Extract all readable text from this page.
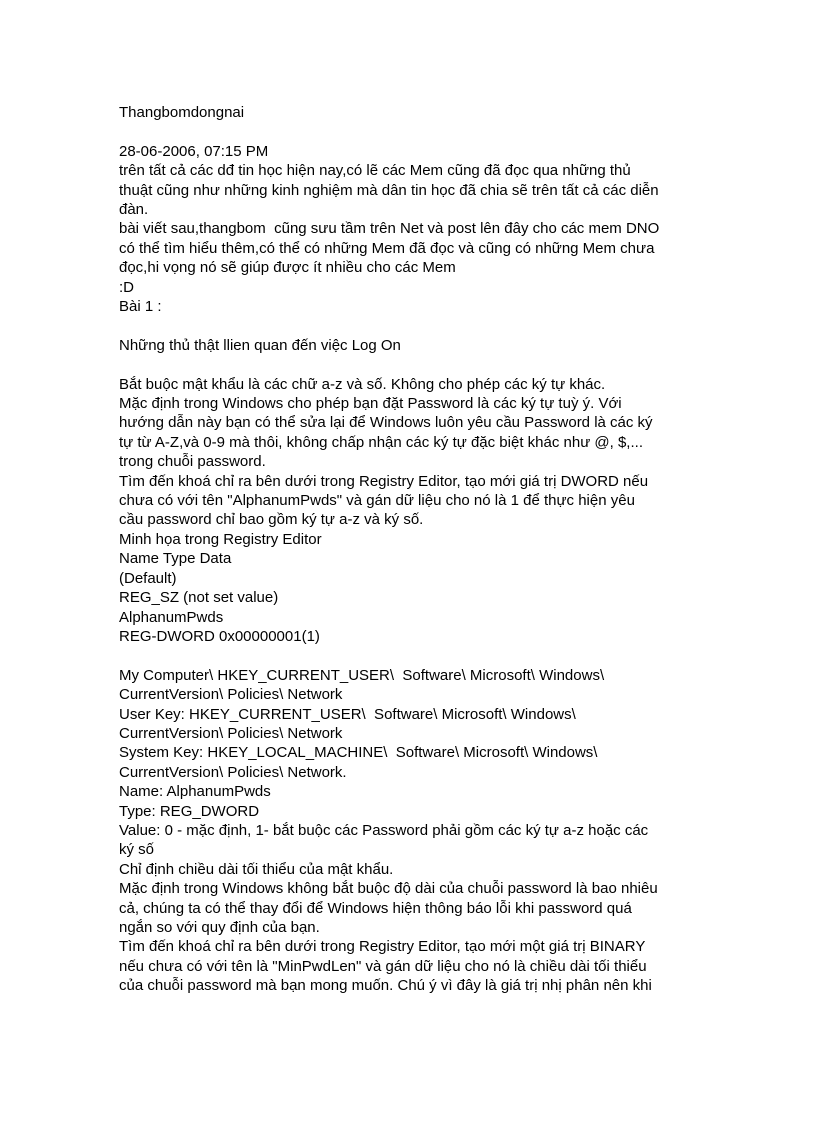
Thangbomdongnai
28-06-2006, 07:15 PM
trên tất cả các dđ tin học hiện nay,có lẽ các Mem cũng đã đọc qua những thủ
thuật cũng như những kinh nghiệm mà dân tin học đã chia sẽ trên tất cả các diễn
đàn.
bài viết sau,thangbom  cũng sưu tầm trên Net và post lên đây cho các mem DNO
có thể tìm hiểu thêm,có thể có những Mem đã đọc và cũng có những Mem chưa
đọc,hi vọng nó sẽ giúp được ít nhiều cho các Mem
:D
Bài 1 :
Những thủ thật llien quan đến việc Log On
Bắt buộc mật khẩu là các chữ a-z và số. Không cho phép các ký tự khác.
Mặc định trong Windows cho phép bạn đặt Password là các ký tự tuỳ ý. Với
hướng dẫn này bạn có thể sửa lại để Windows luôn yêu cầu Password là các ký
tự từ A-Z,và 0-9 mà thôi, không chấp nhận các ký tự đặc biệt khác như @, $,...
trong chuỗi password.
Tìm đến khoá chỉ ra bên dưới trong Registry Editor, tạo mới giá trị DWORD nếu
chưa có với tên "AlphanumPwds" và gán dữ liệu cho nó là 1 để thực hiện yêu
cầu password chỉ bao gồm ký tự a-z và ký số.
Minh họa trong Registry Editor
Name Type Data
(Default)
REG_SZ (not set value)
AlphanumPwds
REG-DWORD 0x00000001(1)
My Computer\ HKEY_CURRENT_USER\  Software\ Microsoft\ Windows\
CurrentVersion\ Policies\ Network
User Key: HKEY_CURRENT_USER\  Software\ Microsoft\ Windows\
CurrentVersion\ Policies\ Network
System Key: HKEY_LOCAL_MACHINE\  Software\ Microsoft\ Windows\
CurrentVersion\ Policies\ Network.
Name: AlphanumPwds
Type: REG_DWORD
Value: 0 - mặc định, 1- bắt buộc các Password phải gồm các ký tự a-z hoặc các
ký số
Chỉ định chiều dài tối thiểu của mật khẩu.
Mặc định trong Windows không bắt buộc độ dài của chuỗi password là bao nhiêu
cả, chúng ta có thể thay đổi để Windows hiện thông báo lỗi khi password quá
ngắn so với quy định của bạn.
Tìm đến khoá chỉ ra bên dưới trong Registry Editor, tạo mới một giá trị BINARY
nếu chưa có với tên là "MinPwdLen" và gán dữ liệu cho nó là chiều dài tối thiểu
của chuỗi password mà bạn mong muốn. Chú ý vì đây là giá trị nhị phân nên khi
